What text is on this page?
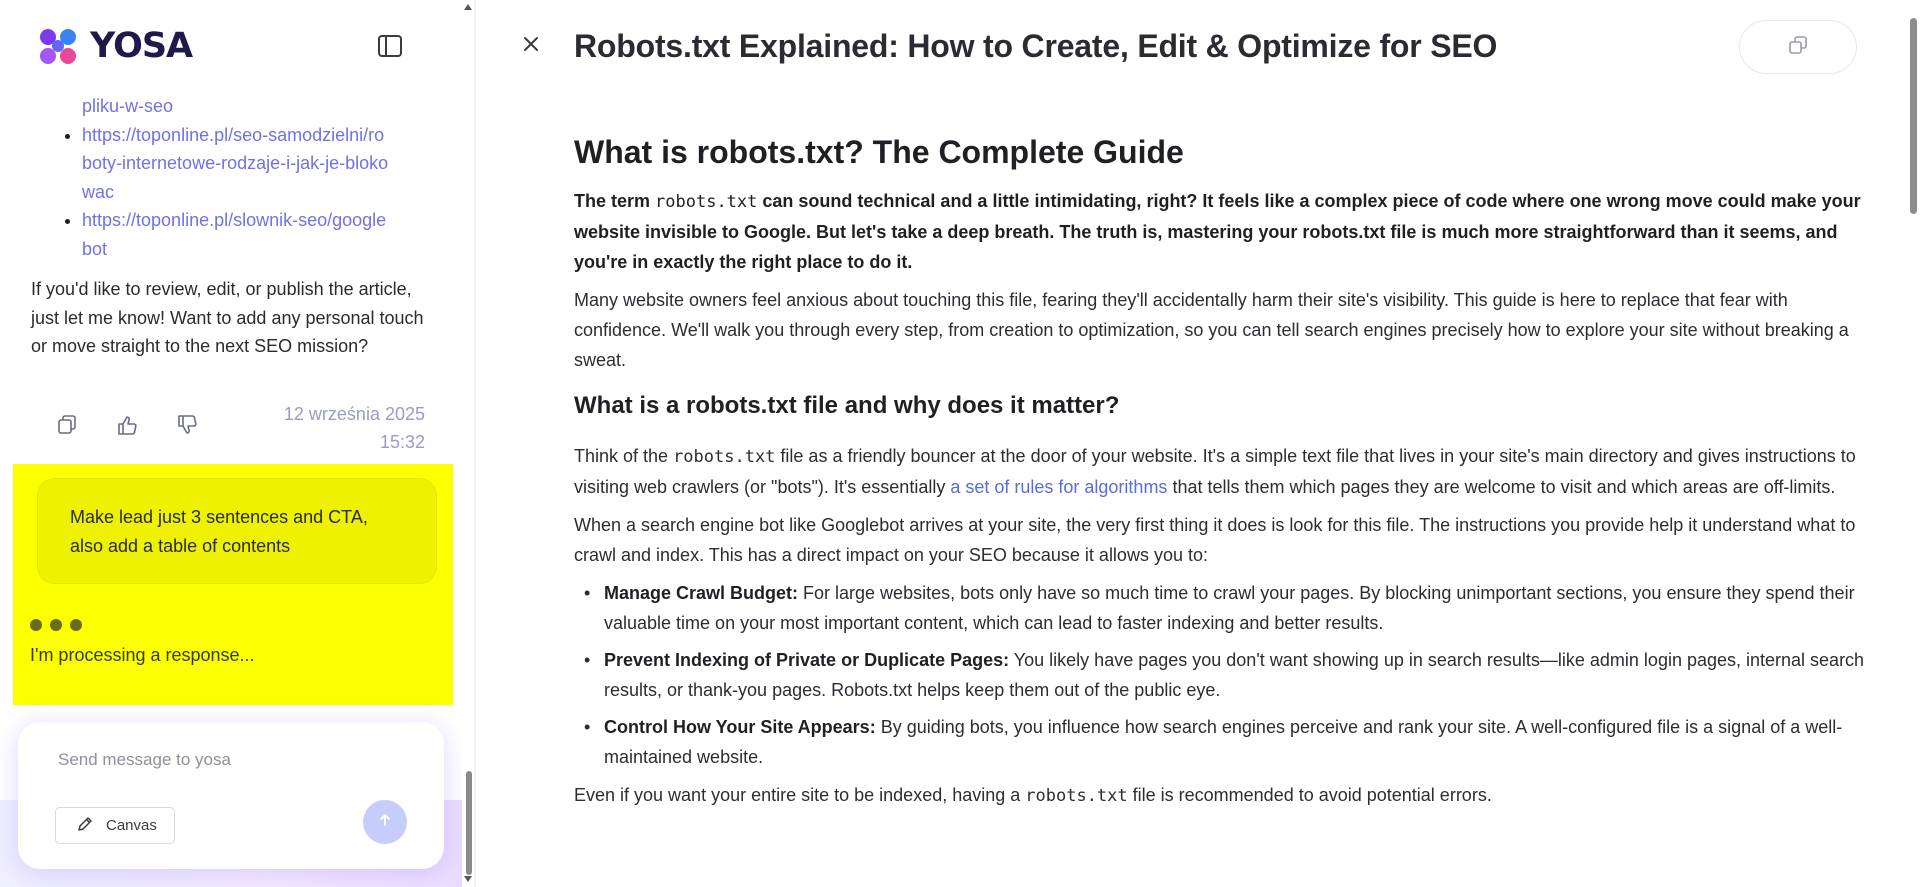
YOSA
pliku-w-seo
• https://toponline.pl/seo-samodzielni/roboty-internetowe-rodzaje-i-jak-je-blokowac
• https://toponline.pl/slownik-seo/googlebot
If you'd like to review, edit, or publish the article, just let me know! Want to add any personal touch or move straight to the next SEO mission?
12 września 2025
15:32
Make lead just 3 sentences and CTA, also add a table of contents
I'm processing a response...
Send message to yosa
Canvas
Robots.txt Explained: How to Create, Edit & Optimize for SEO
What is robots.txt? The Complete Guide

The term robots.txt can sound technical and a little intimidating, right? It feels like a complex piece of code where one wrong move could make your website invisible to Google. But let's take a deep breath. The truth is, mastering your robots.txt file is much more straightforward than it seems, and you're in exactly the right place to do it.

Many website owners feel anxious about touching this file, fearing they'll accidentally harm their site's visibility. This guide is here to replace that fear with confidence. We'll walk you through every step, from creation to optimization, so you can tell search engines precisely how to explore your site without breaking a sweat.

What is a robots.txt file and why does it matter?

Think of the robots.txt file as a friendly bouncer at the door of your website. It's a simple text file that lives in your site's main directory and gives instructions to visiting web crawlers (or "bots"). It's essentially a set of rules for algorithms that tells them which pages they are welcome to visit and which areas are off-limits.

When a search engine bot like Googlebot arrives at your site, the very first thing it does is look for this file. The instructions you provide help it understand what to crawl and index. This has a direct impact on your SEO because it allows you to:

• Manage Crawl Budget: For large websites, bots only have so much time to crawl your pages. By blocking unimportant sections, you ensure they spend their valuable time on your most important content, which can lead to faster indexing and better results.
• Prevent Indexing of Private or Duplicate Pages: You likely have pages you don't want showing up in search results—like admin login pages, internal search results, or thank-you pages. Robots.txt helps keep them out of the public eye.
• Control How Your Site Appears: By guiding bots, you influence how search engines perceive and rank your site. A well-configured file is a signal of a well-maintained website.

Even if you want your entire site to be indexed, having a robots.txt file is recommended to avoid potential errors.
